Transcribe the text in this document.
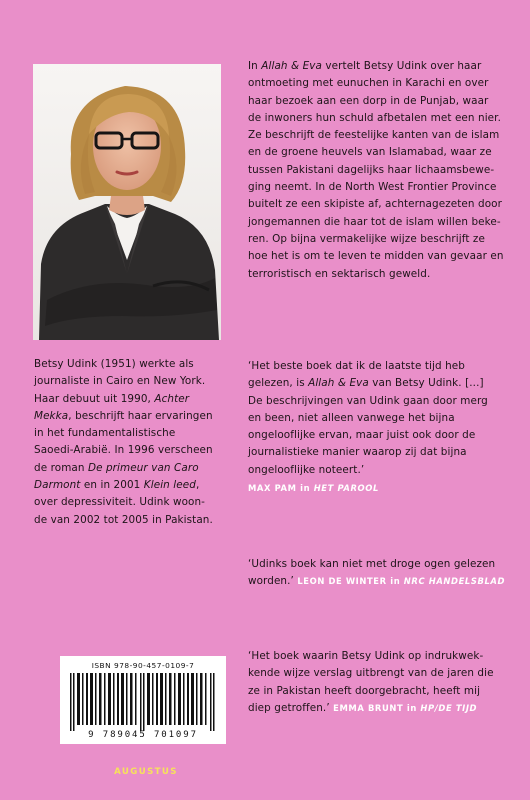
Betsy Udink (1951) werkte als
journaliste in Cairo en New York.
Haar debuut uit 1990, Achter
Mekka, beschrijft haar ervaringen
in het fundamentalistische
Saoedi-Arabië. In 1996 verscheen
de roman De primeur van Caro
Darmont en in 2001 Klein leed,
over depressiviteit. Udink woon-
de van 2002 tot 2005 in Pakistan.
In Allah & Eva vertelt Betsy Udink over haar
ontmoeting met eunuchen in Karachi en over
haar bezoek aan een dorp in de Punjab, waar
de inwoners hun schuld afbetalen met een nier.
Ze beschrijft de feestelijke kanten van de islam
en de groene heuvels van Islamabad, waar ze
tussen Pakistani dagelijks haar lichaamsbewe-
ging neemt. In de North West Frontier Province
buitelt ze een skipiste af, achternagezeten door
jongemannen die haar tot de islam willen beke-
ren. Op bijna vermakelijke wijze beschrijft ze
hoe het is om te leven te midden van gevaar en
terroristisch en sektarisch geweld.
‘Het beste boek dat ik de laatste tijd heb
gelezen, is Allah & Eva van Betsy Udink. [...]
De beschrijvingen van Udink gaan door merg
en been, niet alleen vanwege het bijna
ongelooflijke ervan, maar juist ook door de
journalistieke manier waarop zij dat bijna
ongelooflijke noteert.’
MAX PAM in HET PAROOL
‘Udinks boek kan niet met droge ogen gelezen
worden.’ LEON DE WINTER in NRC HANDELSBLAD
‘Het boek waarin Betsy Udink op indrukwek-
kende wijze verslag uitbrengt van de jaren die
ze in Pakistan heeft doorgebracht, heeft mij
diep getroffen.’ EMMA BRUNT in HP/DE TIJD
ISBN 978-90-457-0109-7
9 789045 701097
AUGUSTUS
